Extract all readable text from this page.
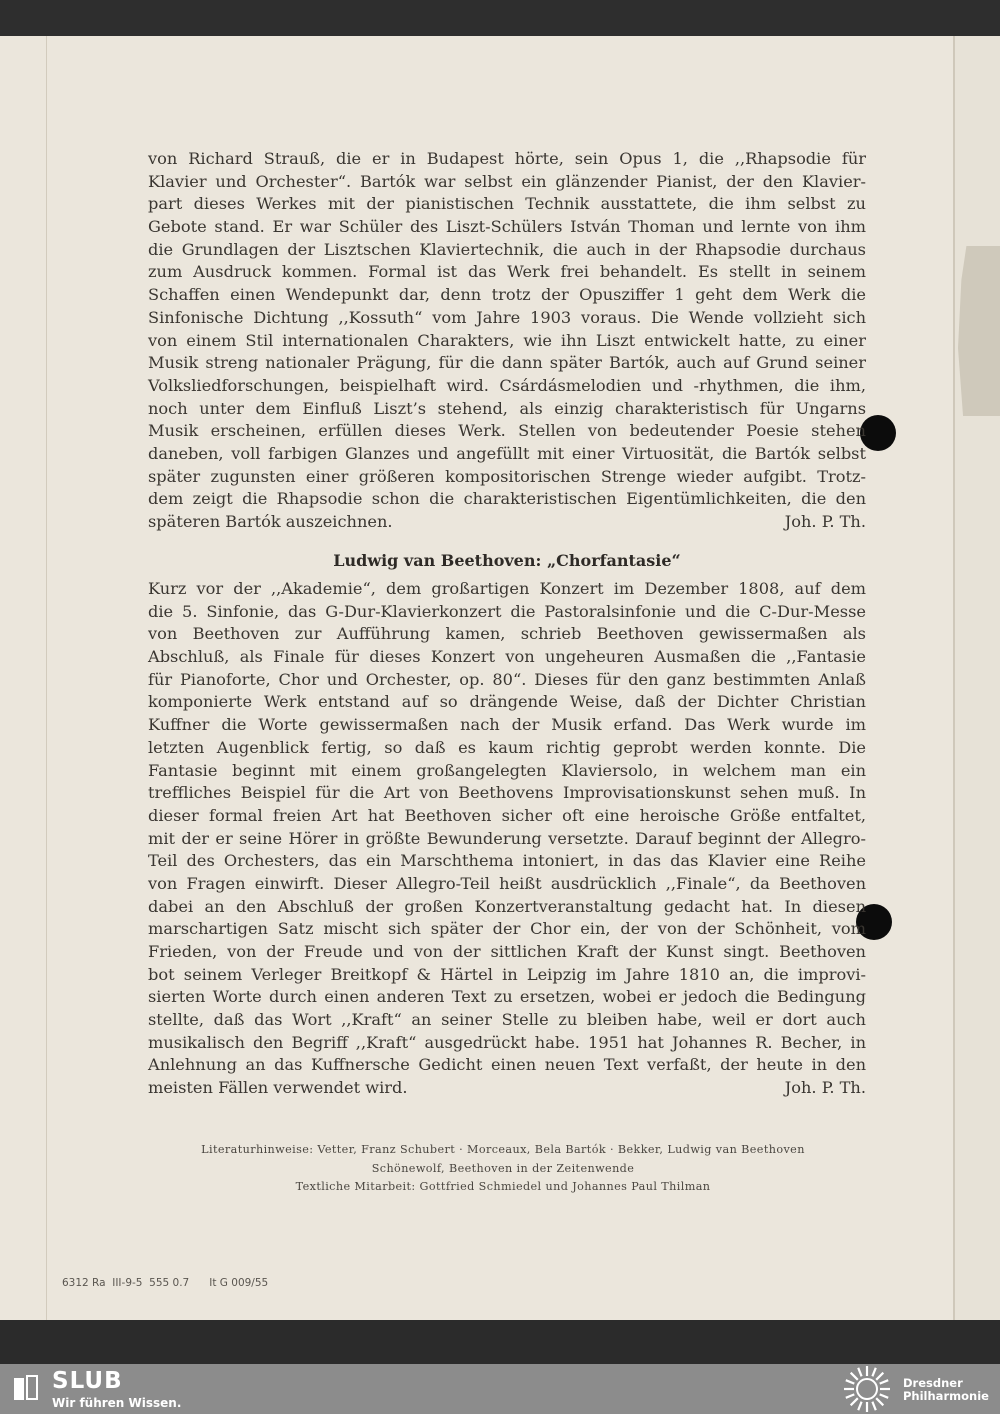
von Richard Strauß, die er in Budapest hörte, sein Opus 1, die ,,Rhapsodie für
Klavier und Orchester“. Bartók war selbst ein glänzender Pianist, der den Klavier-
part dieses Werkes mit der pianistischen Technik ausstattete, die ihm selbst zu
Gebote stand. Er war Schüler des Liszt-Schülers István Thoman und lernte von ihm
die Grundlagen der Lisztschen Klaviertechnik, die auch in der Rhapsodie durchaus
zum Ausdruck kommen. Formal ist das Werk frei behandelt. Es stellt in seinem
Schaffen einen Wendepunkt dar, denn trotz der Opusziffer 1 geht dem Werk die
Sinfonische Dichtung ,,Kossuth“ vom Jahre 1903 voraus. Die Wende vollzieht sich
von einem Stil internationalen Charakters, wie ihn Liszt entwickelt hatte, zu einer
Musik streng nationaler Prägung, für die dann später Bartók, auch auf Grund seiner
Volksliedforschungen, beispielhaft wird. Csárdásmelodien und -rhythmen, die ihm,
noch unter dem Einfluß Liszt’s stehend, als einzig charakteristisch für Ungarns
Musik erscheinen, erfüllen dieses Werk. Stellen von bedeutender Poesie stehen
daneben, voll farbigen Glanzes und angefüllt mit einer Virtuosität, die Bartók selbst
später zugunsten einer größeren kompositorischen Strenge wieder aufgibt. Trotz-
dem zeigt die Rhapsodie schon die charakteristischen Eigentümlichkeiten, die den
späteren Bartók auszeichnen.	Joh. P. Th.
Ludwig van Beethoven: „Chorfantasie“
Kurz vor der ,,Akademie“, dem großartigen Konzert im Dezember 1808, auf dem
die 5. Sinfonie, das G-Dur-Klavierkonzert die Pastoralsinfonie und die C-Dur-Messe
von Beethoven zur Aufführung kamen, schrieb Beethoven gewissermaßen als
Abschluß, als Finale für dieses Konzert von ungeheuren Ausmaßen die ,,Fantasie
für Pianoforte, Chor und Orchester, op. 80“. Dieses für den ganz bestimmten Anlaß
komponierte Werk entstand auf so drängende Weise, daß der Dichter Christian
Kuffner die Worte gewissermaßen nach der Musik erfand. Das Werk wurde im
letzten Augenblick fertig, so daß es kaum richtig geprobt werden konnte. Die
Fantasie beginnt mit einem großangelegten Klaviersolo, in welchem man ein
treffliches Beispiel für die Art von Beethovens Improvisationskunst sehen muß. In
dieser formal freien Art hat Beethoven sicher oft eine heroische Größe entfaltet,
mit der er seine Hörer in größte Bewunderung versetzte. Darauf beginnt der Allegro-
Teil des Orchesters, das ein Marschthema intoniert, in das das Klavier eine Reihe
von Fragen einwirft. Dieser Allegro-Teil heißt ausdrücklich ,,Finale“, da Beethoven
dabei an den Abschluß der großen Konzertveranstaltung gedacht hat. In diesen
marschartigen Satz mischt sich später der Chor ein, der von der Schönheit, vom
Frieden, von der Freude und von der sittlichen Kraft der Kunst singt. Beethoven
bot seinem Verleger Breitkopf & Härtel in Leipzig im Jahre 1810 an, die improvi-
sierten Worte durch einen anderen Text zu ersetzen, wobei er jedoch die Bedingung
stellte, daß das Wort ,,Kraft“ an seiner Stelle zu bleiben habe, weil er dort auch
musikalisch den Begriff ,,Kraft“ ausgedrückt habe. 1951 hat Johannes R. Becher, in
Anlehnung an das Kuffnersche Gedicht einen neuen Text verfaßt, der heute in den
meisten Fällen verwendet wird.	Joh. P. Th.
Literaturhinweise: Vetter, Franz Schubert · Morceaux, Bela Bartók · Bekker, Ludwig van Beethoven
Schönewolf, Beethoven in der Zeitenwende
Textliche Mitarbeit: Gottfried Schmiedel und Johannes Paul Thilman
6312 Ra  III-9-5  555 0.7      It G 009/55
SLUB
Wir führen Wissen.
Dresdner
Philharmonie
